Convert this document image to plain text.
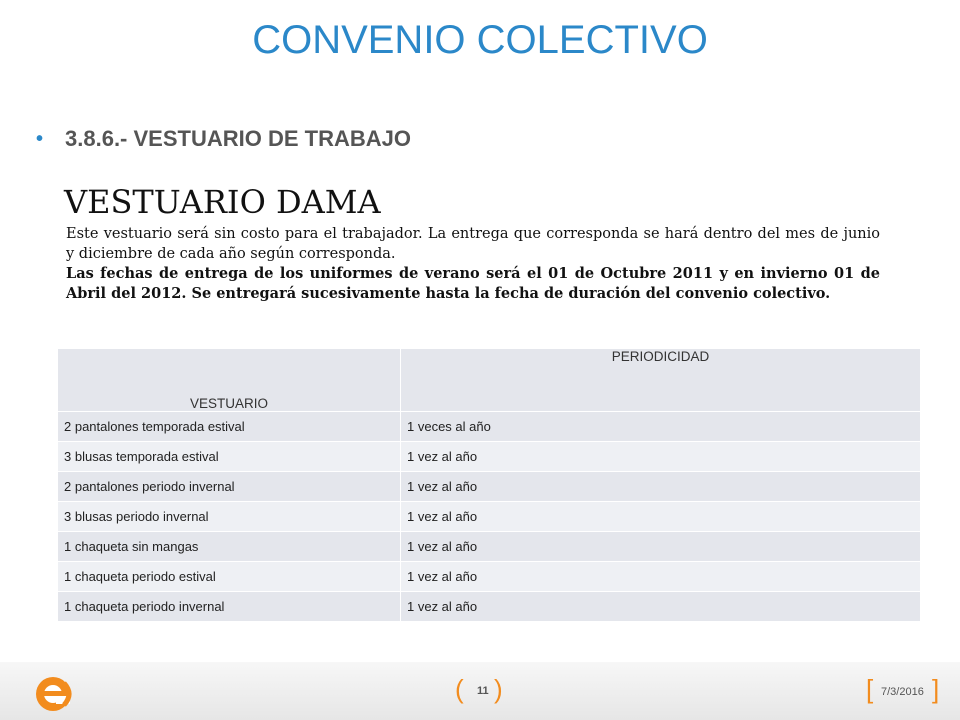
CONVENIO COLECTIVO
• 3.8.6.- VESTUARIO DE TRABAJO
VESTUARIO DAMA

Este vestuario será sin costo para el trabajador. La entrega que corresponda se hará dentro del mes de junio y diciembre de cada año según corresponda.

Las fechas de entrega de los uniformes de verano será el 01 de Octubre 2011 y en invierno 01 de Abril del 2012. Se entregará sucesivamente hasta la fecha de duración del convenio colectivo.

VESTUARIO	PERIODICIDAD
2 pantalones temporada estival	1 veces al año
3 blusas temporada estival	1 vez al año
2 pantalones periodo invernal	1 vez al año
3 blusas periodo invernal	1 vez al año
1 chaqueta sin mangas	1 vez al año
1 chaqueta periodo estival	1 vez al año
1 chaqueta periodo invernal	1 vez al año
( 11 )	[ 7/3/2016 ]
